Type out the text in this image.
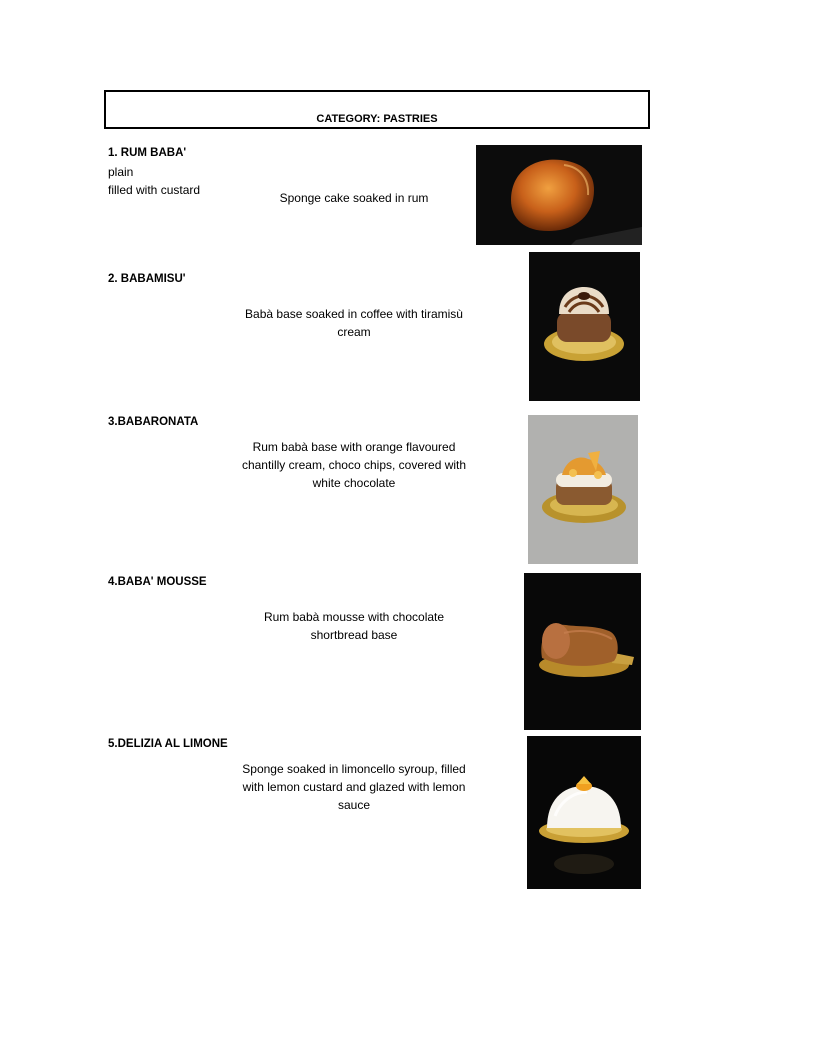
CATEGORY: PASTRIES
1. RUM BABA'
plain
filled with custard
Sponge cake soaked in rum
2. BABAMISU'
Babà base soaked in coffee with tiramisù
cream
3.BABARONATA
Rum babà base with orange flavoured
chantilly cream, choco chips, covered with
white chocolate
4.BABA' MOUSSE
Rum babà mousse with chocolate
shortbread base
5.DELIZIA AL LIMONE
Sponge soaked in limoncello syroup, filled
with lemon custard and glazed with lemon
sauce
